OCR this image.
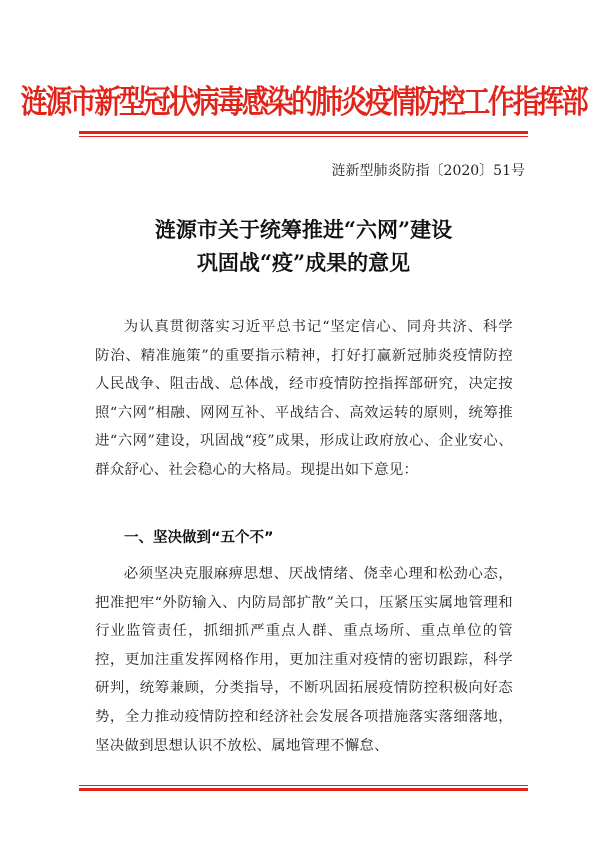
涟源市新型冠状病毒感染的肺炎疫情防控工作指挥部
涟新型肺炎防指〔2020〕51号
涟源市关于统筹推进“六网”建设
巩固战“疫”成果的意见
为认真贯彻落实习近平总书记“坚定信心、同舟共济、科学防治、精准施策”的重要指示精神，打好打赢新冠肺炎疫情防控人民战争、阻击战、总体战，经市疫情防控指挥部研究，决定按照“六网”相融、网网互补、平战结合、高效运转的原则，统筹推进“六网”建设，巩固战“疫”成果，形成让政府放心、企业安心、群众舒心、社会稳心的大格局。现提出如下意见：
一、坚决做到“五个不”
必须坚决克服麻痹思想、厌战情绪、侥幸心理和松劲心态，把准把牢“外防输入、内防局部扩散”关口，压紧压实属地管理和行业监管责任，抓细抓严重点人群、重点场所、重点单位的管控，更加注重发挥网格作用，更加注重对疫情的密切跟踪，科学研判，统筹兼顾，分类指导，不断巩固拓展疫情防控积极向好态势，全力推动疫情防控和经济社会发展各项措施落实落细落地，坚决做到思想认识不放松、属地管理不懈怠、
